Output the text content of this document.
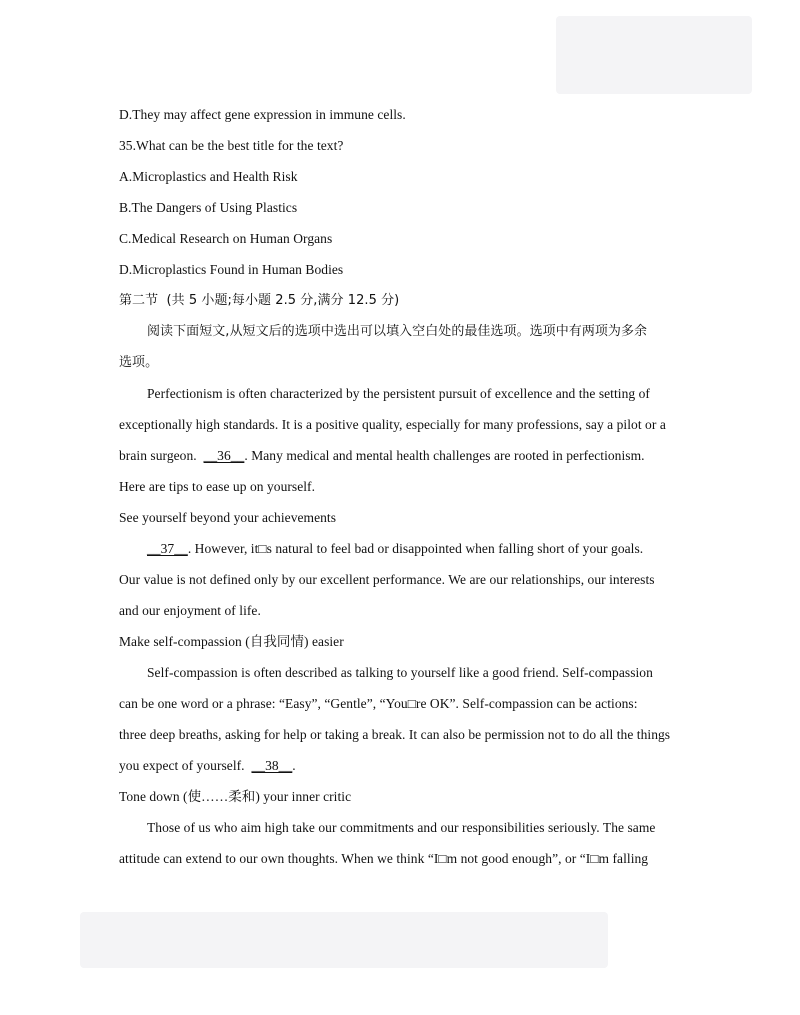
D.They may affect gene expression in immune cells.

35.What can be the best title for the text?

A.Microplastics and Health Risk

B.The Dangers of Using Plastics

C.Medical Research on Human Organs

D.Microplastics Found in Human Bodies

第二节 (共 5 小题;每小题 2.5 分,满分 12.5 分)

阅读下面短文,从短文后的选项中选出可以填入空白处的最佳选项。选项中有两项为多余

选项。

Perfectionism is often characterized by the persistent pursuit of excellence and the setting of

exceptionally high standards. It is a positive quality, especially for many professions, say a pilot or a

brain surgeon. __36__. Many medical and mental health challenges are rooted in perfectionism.

Here are tips to ease up on yourself.

See yourself beyond your achievements

__37__. However, it□s natural to feel bad or disappointed when falling short of your goals.

Our value is not defined only by our excellent performance. We are our relationships, our interests

and our enjoyment of life.

Make self-compassion (自我同情) easier

Self-compassion is often described as talking to yourself like a good friend. Self-compassion

can be one word or a phrase: “Easy”, “Gentle”, “You□re OK”. Self-compassion can be actions:

three deep breaths, asking for help or taking a break. It can also be permission not to do all the things

you expect of yourself. __38__.

Tone down (使……柔和) your inner critic

Those of us who aim high take our commitments and our responsibilities seriously. The same

attitude can extend to our own thoughts. When we think “I□m not good enough”, or “I□m falling
